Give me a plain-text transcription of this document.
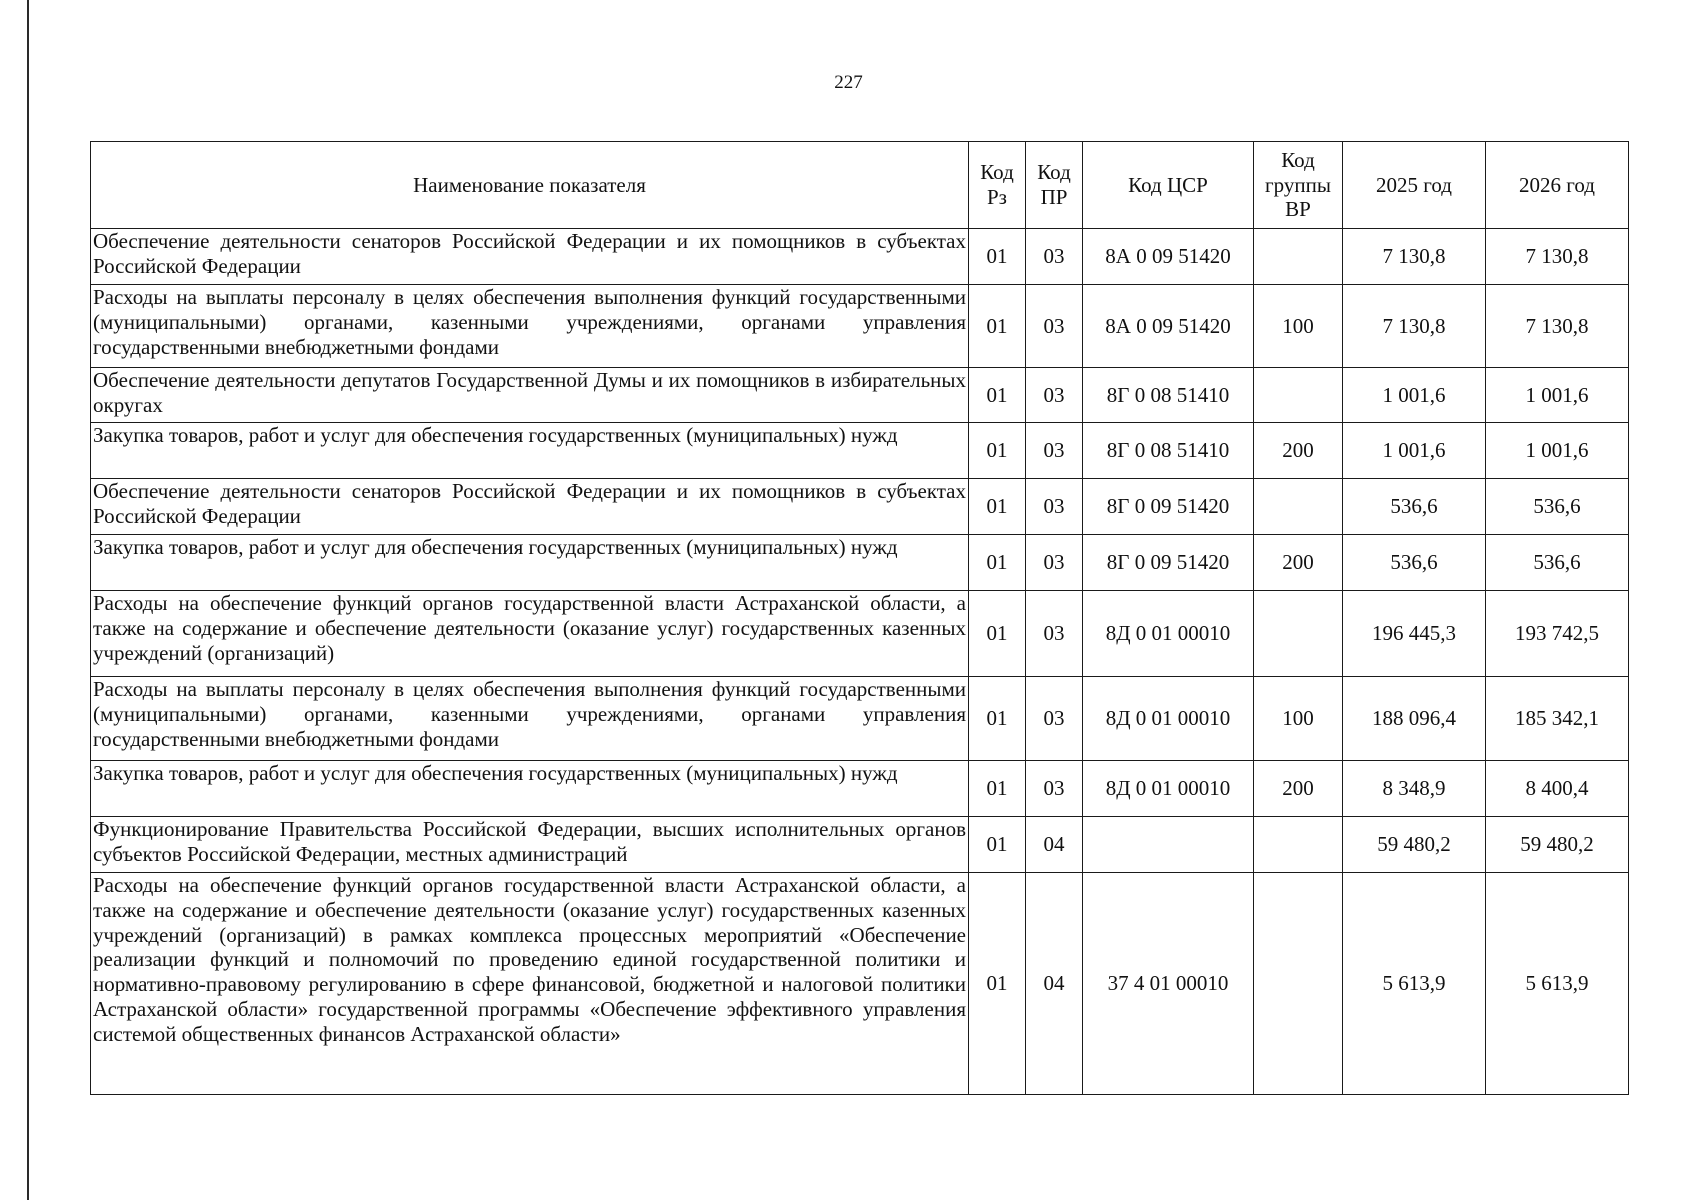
227
Наименование показателя	Код Рз	Код ПР	Код ЦСР	Код группы ВР	2025 год	2026 год
Обеспечение деятельности сенаторов Российской Федерации и их помощников в субъектах Российской Федерации	01	03	8А 0 09 51420		7 130,8	7 130,8
Расходы на выплаты персоналу в целях обеспечения выполнения функций государственными (муниципальными) органами, казенными учреждениями, органами управления государственными внебюджетными фондами	01	03	8А 0 09 51420	100	7 130,8	7 130,8
Обеспечение деятельности депутатов Государственной Думы и их помощников в избирательных округах	01	03	8Г 0 08 51410		1 001,6	1 001,6
Закупка товаров, работ и услуг для обеспечения государственных (муниципальных) нужд	01	03	8Г 0 08 51410	200	1 001,6	1 001,6
Обеспечение деятельности сенаторов Российской Федерации и их помощников в субъектах Российской Федерации	01	03	8Г 0 09 51420		536,6	536,6
Закупка товаров, работ и услуг для обеспечения государственных (муниципальных) нужд	01	03	8Г 0 09 51420	200	536,6	536,6
Расходы на обеспечение функций органов государственной власти Астраханской области, а также на содержание и обеспечение деятельности (оказание услуг) государственных казенных учреждений (организаций)	01	03	8Д 0 01 00010		196 445,3	193 742,5
Расходы на выплаты персоналу в целях обеспечения выполнения функций государственными (муниципальными) органами, казенными учреждениями, органами управления государственными внебюджетными фондами	01	03	8Д 0 01 00010	100	188 096,4	185 342,1
Закупка товаров, работ и услуг для обеспечения государственных (муниципальных) нужд	01	03	8Д 0 01 00010	200	8 348,9	8 400,4
Функционирование Правительства Российской Федерации, высших исполнительных органов субъектов Российской Федерации, местных администраций	01	04			59 480,2	59 480,2
Расходы на обеспечение функций органов государственной власти Астраханской области, а также на содержание и обеспечение деятельности (оказание услуг) государственных казенных учреждений (организаций) в рамках комплекса процессных мероприятий «Обеспечение реализации функций и полномочий по проведению единой государственной политики и нормативно-правовому регулированию в сфере финансовой, бюджетной и налоговой политики Астраханской области» государственной программы «Обеспечение эффективного управления системой общественных финансов Астраханской области»	01	04	37 4 01 00010		5 613,9	5 613,9
